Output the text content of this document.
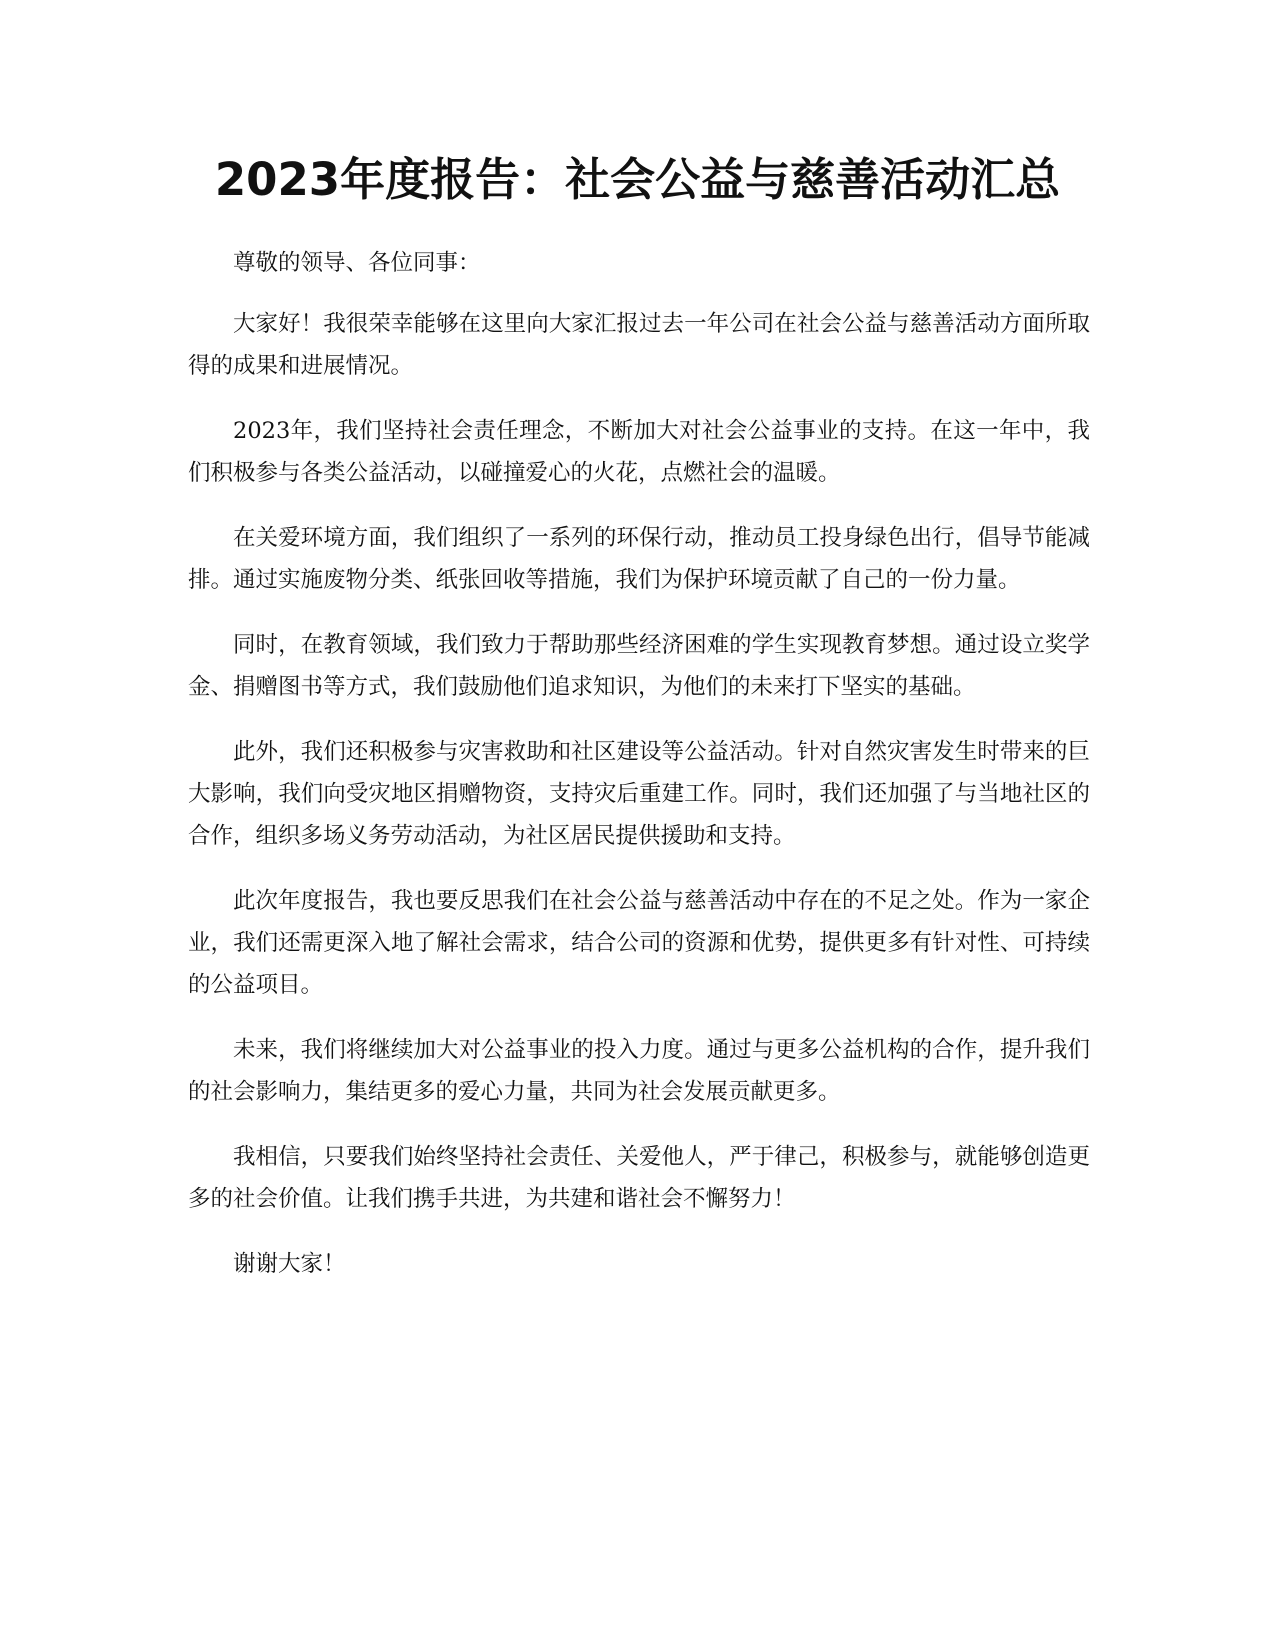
2023年度报告：社会公益与慈善活动汇总

尊敬的领导、各位同事：

大家好！我很荣幸能够在这里向大家汇报过去一年公司在社会公益与慈善活动方面所取得的成果和进展情况。

2023年，我们坚持社会责任理念，不断加大对社会公益事业的支持。在这一年中，我们积极参与各类公益活动，以碰撞爱心的火花，点燃社会的温暖。

在关爱环境方面，我们组织了一系列的环保行动，推动员工投身绿色出行，倡导节能减排。通过实施废物分类、纸张回收等措施，我们为保护环境贡献了自己的一份力量。

同时，在教育领域，我们致力于帮助那些经济困难的学生实现教育梦想。通过设立奖学金、捐赠图书等方式，我们鼓励他们追求知识，为他们的未来打下坚实的基础。

此外，我们还积极参与灾害救助和社区建设等公益活动。针对自然灾害发生时带来的巨大影响，我们向受灾地区捐赠物资，支持灾后重建工作。同时，我们还加强了与当地社区的合作，组织多场义务劳动活动，为社区居民提供援助和支持。

此次年度报告，我也要反思我们在社会公益与慈善活动中存在的不足之处。作为一家企业，我们还需更深入地了解社会需求，结合公司的资源和优势，提供更多有针对性、可持续的公益项目。

未来，我们将继续加大对公益事业的投入力度。通过与更多公益机构的合作，提升我们的社会影响力，集结更多的爱心力量，共同为社会发展贡献更多。

我相信，只要我们始终坚持社会责任、关爱他人，严于律己，积极参与，就能够创造更多的社会价值。让我们携手共进，为共建和谐社会不懈努力！

谢谢大家！
